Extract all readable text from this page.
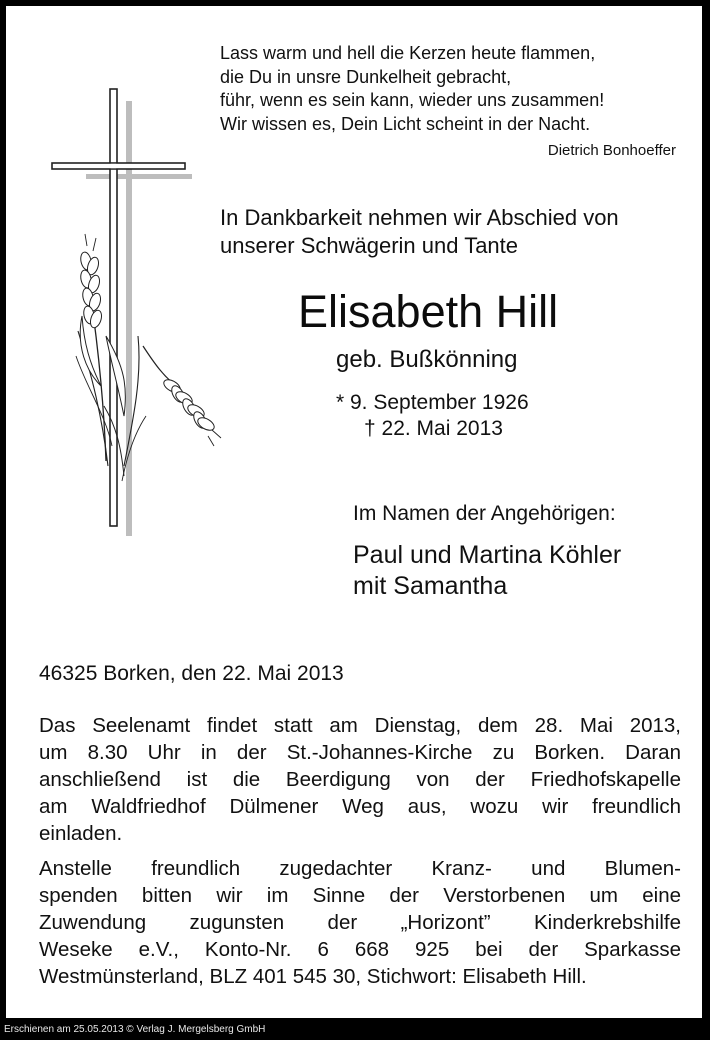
Lass warm und hell die Kerzen heute flammen,
die Du in unsre Dunkelheit gebracht,
führ, wenn es sein kann, wieder uns zusammen!
Wir wissen es, Dein Licht scheint in der Nacht.
Dietrich Bonhoeffer
In Dankbarkeit nehmen wir Abschied von
unserer Schwägerin und Tante
Elisabeth Hill
geb. Bußkönning
* 9. September 1926
† 22. Mai 2013
Im Namen der Angehörigen:
Paul und Martina Köhler
mit Samantha
46325 Borken, den 22. Mai 2013
Das Seelenamt findet statt am Dienstag, dem 28. Mai 2013,
um 8.30 Uhr in der St.-Johannes-Kirche zu Borken. Daran
anschließend ist die Beerdigung von der Friedhofskapelle
am Waldfriedhof Dülmener Weg aus, wozu wir freundlich
einladen.
Anstelle freundlich zugedachter Kranz- und Blumen-
spenden bitten wir im Sinne der Verstorbenen um eine
Zuwendung zugunsten der „Horizont” Kinderkrebshilfe
Weseke e.V., Konto-Nr. 6 668 925 bei der Sparkasse
Westmünsterland, BLZ 401 545 30, Stichwort: Elisabeth Hill.
Erschienen am 25.05.2013 © Verlag J. Mergelsberg GmbH
